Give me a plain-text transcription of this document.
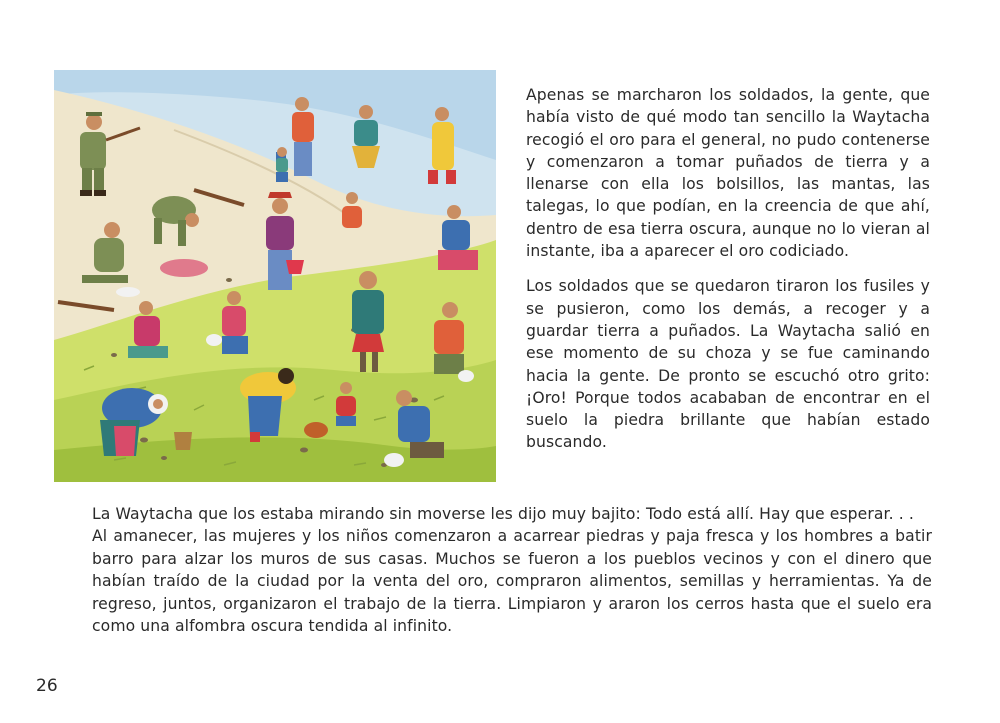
Apenas se marcharon los soldados, la gente, que había visto de qué modo tan sencillo la Waytacha recogió el oro para el general, no pudo contenerse y comenzaron a tomar puñados de tierra y a llenarse con ella los bolsillos, las mantas, las talegas, lo que podían, en la creencia de que ahí, dentro de esa tierra oscura, aunque no lo vieran al instante, iba a aparecer el oro codiciado.

Los soldados que se quedaron tiraron los fusiles y se pusieron, como los demás, a recoger y a guardar tierra a puñados. La Waytacha salió en ese momento de su choza y se fue caminando hacia la gente. De pronto se escuchó otro grito: ¡Oro! Porque todos acababan de encontrar en el suelo la piedra brillante que habían estado buscando.

La Waytacha que los estaba mirando sin moverse les dijo muy bajito: Todo está allí. Hay que esperar. . .

Al amanecer, las mujeres y los niños comenzaron a acarrear piedras y paja fresca y los hombres a batir barro para alzar los muros de sus casas. Muchos se fueron a los pueblos vecinos y con el dinero que habían traído de la ciudad por la venta del oro, compraron alimentos, semillas y herramientas. Ya de regreso, juntos, organizaron el trabajo de la tierra. Limpiaron y araron los cerros hasta que el suelo era como una alfombra oscura tendida al infinito.

26
